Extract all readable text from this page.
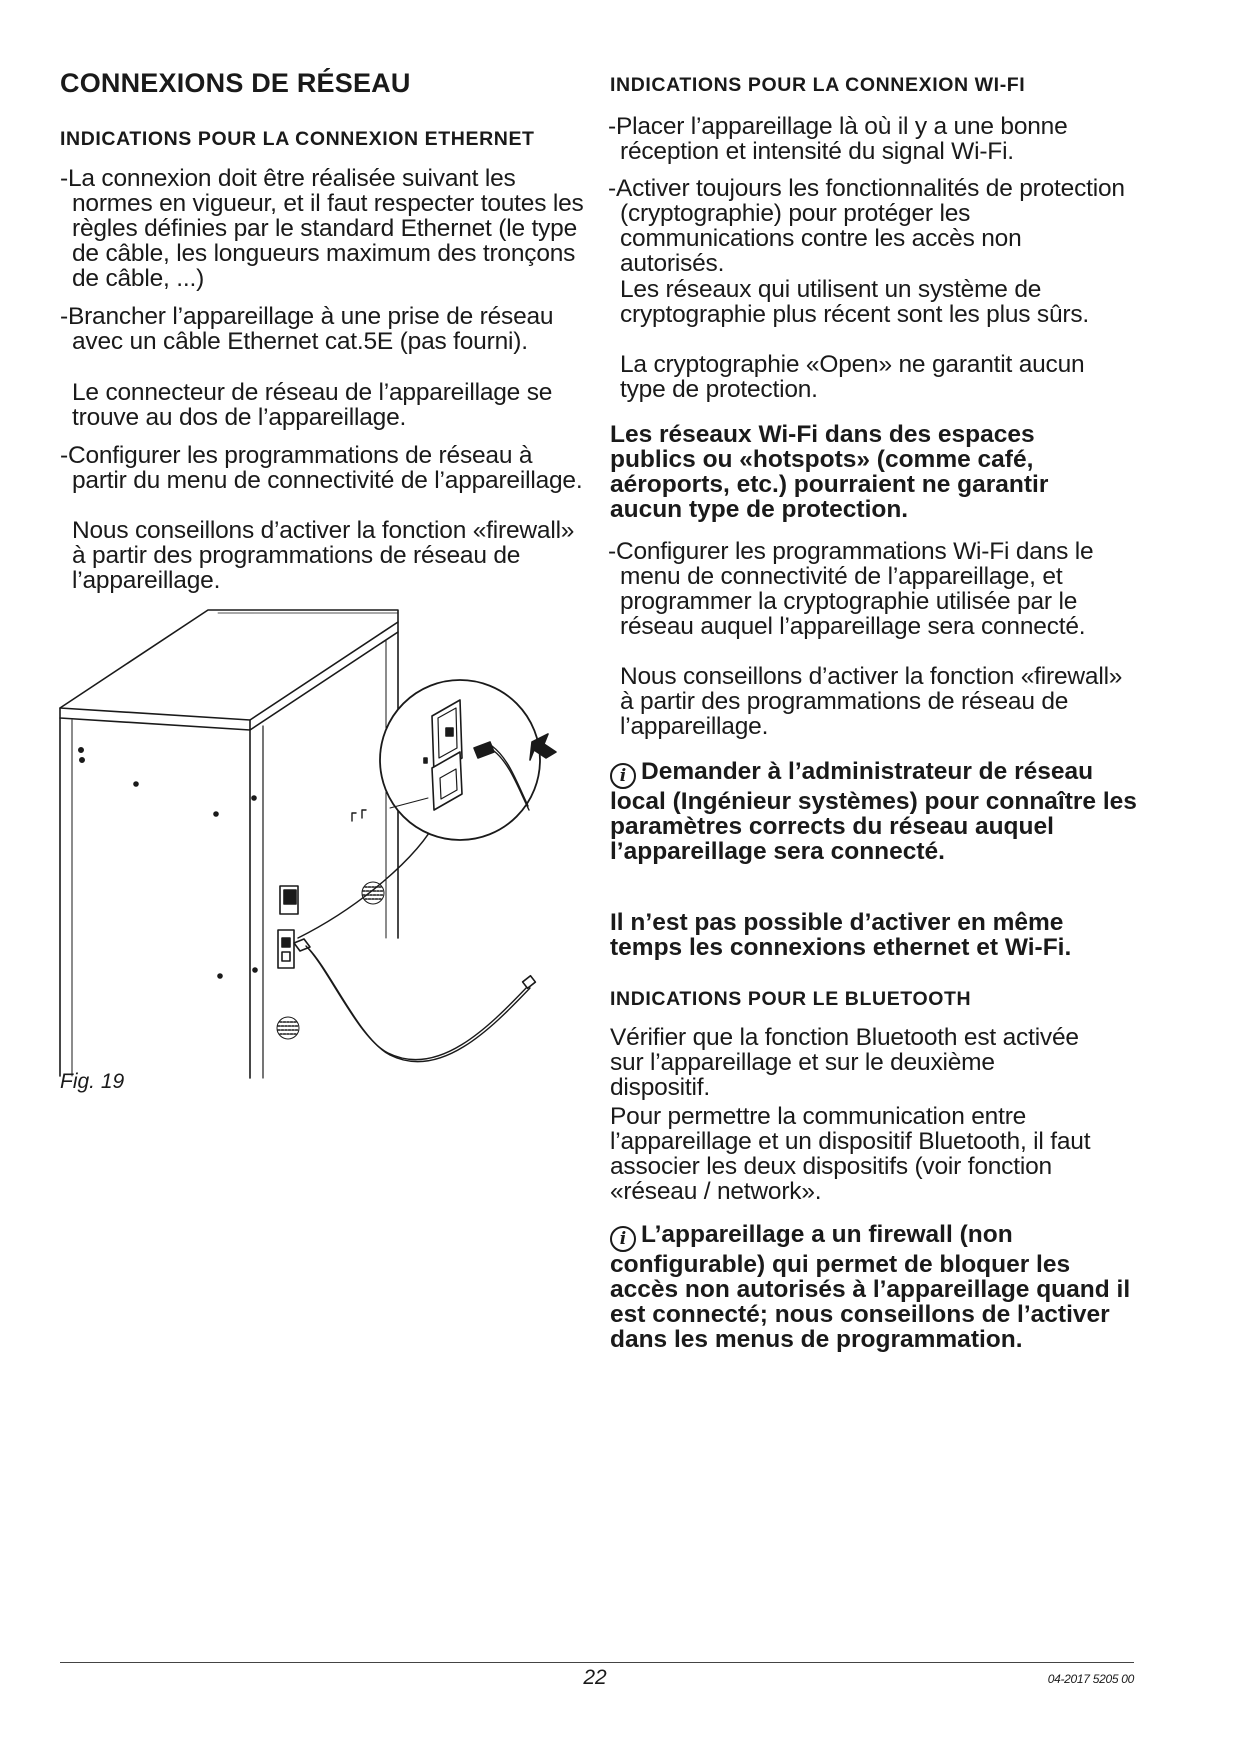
CONNEXIONS DE RÉSEAU
INDICATIONS POUR LA CONNEXION ETHERNET
-La connexion doit être réalisée suivant les normes en vigueur, et il faut respecter toutes les règles définies par le standard Ethernet (le type de câble, les longueurs maximum des tronçons de câble, ...)
-Brancher l’appareillage à une prise de réseau avec un câble Ethernet cat.5E (pas fourni).
Le connecteur de réseau de l’appareillage se trouve au dos de l’appareillage.
-Configurer les programmations de réseau à partir du menu de connectivité de l’appareillage.
Nous conseillons d’activer la fonction «firewall» à partir des programmations de réseau de l’appareillage.
Fig. 19
INDICATIONS POUR LA CONNEXION WI-FI
-Placer l’appareillage là où il y a une bonne réception et intensité du signal Wi-Fi.
-Activer toujours les fonctionnalités de protection (cryptographie) pour protéger les communications contre les accès non autorisés.
Les réseaux qui utilisent un système de cryptographie plus récent sont les plus sûrs.
La cryptographie «Open» ne garantit aucun type de protection.
Les réseaux Wi-Fi dans des espaces publics ou «hotspots» (comme café, aéroports, etc.) pourraient ne garantir aucun type de protection.
-Configurer les programmations Wi-Fi dans le menu de connectivité de l’appareillage, et programmer la cryptographie utilisée par le réseau auquel l’appareillage sera connecté.
Nous conseillons d’activer la fonction «firewall» à partir des programmations de réseau de l’appareillage.
i Demander à l’administrateur de réseau local (Ingénieur systèmes) pour connaître les paramètres corrects du réseau auquel l’appareillage sera connecté.
Il n’est pas possible d’activer en même temps les connexions ethernet et Wi-Fi.
INDICATIONS POUR LE BLUETOOTH
Vérifier que la fonction Bluetooth est activée sur l’appareillage et sur le deuxième dispositif.
Pour permettre la communication entre l’appareillage et un dispositif Bluetooth, il faut associer les deux dispositifs (voir fonction «réseau / network».
i L’appareillage a un firewall (non configurable) qui permet de bloquer les accès non autorisés à l’appareillage quand il est connecté; nous conseillons de l’activer dans les menus de programmation.
22	04-2017 5205 00
